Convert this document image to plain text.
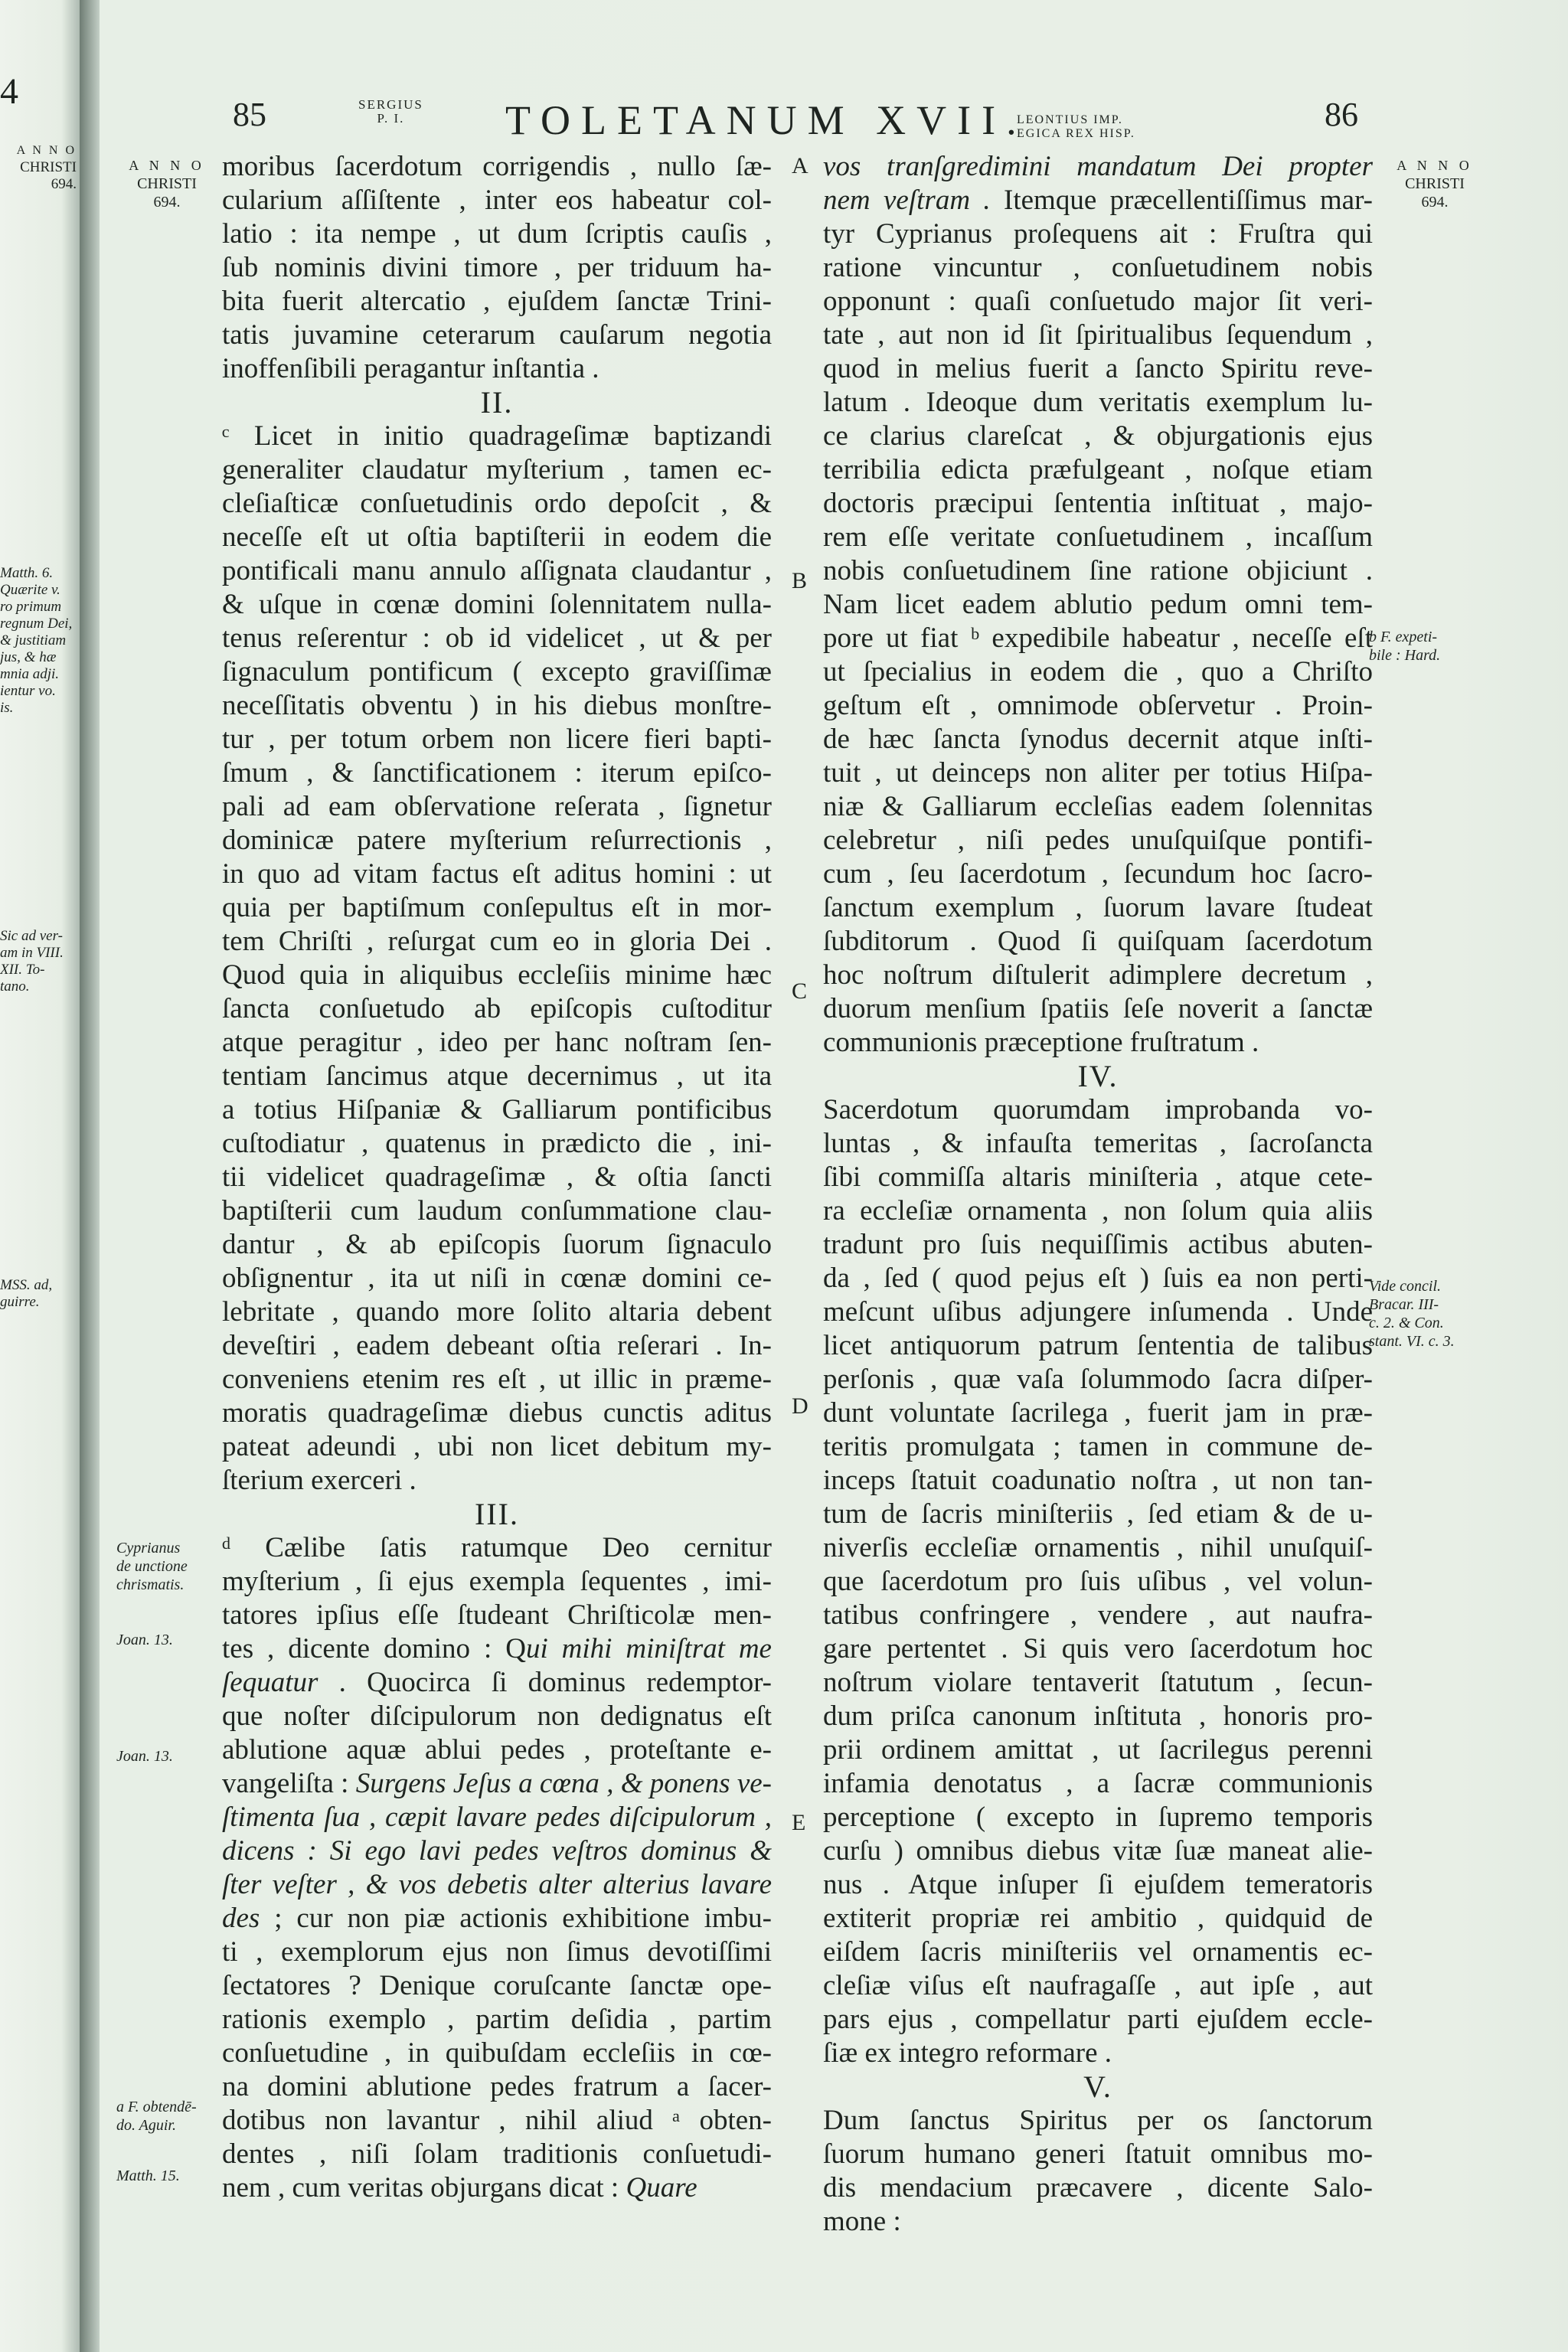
4
A N N O
CHRISTI
694.
Matth. 6.
Quærite v.
ro primum
regnum Dei,
& justitiam
jus, & hæ
mnia adji.
ientur vo.
is.
Sic ad ver-
am in VIII.
XII. To-
tano.
MSS. ad,
guirre.
85	SERGIUS
P. I.	TOLETANUM XVII.
LEONTIUS IMP.
EGICA REX HISP.
86
A N N O
CHRISTI
694.
Cyprianus
de unctione
chrismatis.
Joan. 13.
Joan. 13.
a F. obtendē-
do. Aguir.
Matth. 15.
A N N O
CHRISTI
694.
b F. expeti-
bile : Hard.
Vide concil.
Bracar. III-
c. 2. & Con.
stant. VI. c. 3.
A
B
C
D
E
moribus ſacerdotum corrigendis , nullo ſæ-
cularium aſſiſtente , inter eos habeatur col-
latio : ita nempe , ut dum ſcriptis cauſis ,
ſub nominis divini timore , per triduum ha-
bita fuerit altercatio , ejuſdem ſanctæ Trini-
tatis juvamine ceterarum cauſarum negotia
inoffenſibili peragantur inſtantia .
II.
ᶜ Licet in initio quadrageſimæ baptizandi
generaliter claudatur myſterium , tamen ec-
cleſiaſticæ conſuetudinis ordo depoſcit , &
neceſſe eſt ut oſtia baptiſterii in eodem die
pontificali manu annulo aſſignata claudantur ,
& uſque in cœnæ domini ſolennitatem nulla-
tenus reſerentur : ob id videlicet , ut & per
ſignaculum pontificum ( excepto graviſſimæ
neceſſitatis obventu ) in his diebus monſtre-
tur , per totum orbem non licere fieri bapti-
ſmum , & ſanctificationem : iterum epiſco-
pali ad eam obſervatione reſerata , ſignetur
dominicæ patere myſterium reſurrectionis ,
in quo ad vitam factus eſt aditus homini : ut
quia per baptiſmum conſepultus eſt in mor-
tem Chriſti , reſurgat cum eo in gloria Dei .
Quod quia in aliquibus eccleſiis minime hæc
ſancta conſuetudo ab epiſcopis cuſtoditur
atque peragitur , ideo per hanc noſtram ſen-
tentiam ſancimus atque decernimus , ut ita
a totius Hiſpaniæ & Galliarum pontificibus
cuſtodiatur , quatenus in prædicto die , ini-
tii videlicet quadrageſimæ , & oſtia ſancti
baptiſterii cum laudum conſummatione clau-
dantur , & ab epiſcopis ſuorum ſignaculo
obſignentur , ita ut niſi in cœnæ domini ce-
lebritate , quando more ſolito altaria debent
deveſtiri , eadem debeant oſtia reſerari . In-
conveniens etenim res eſt , ut illic in præme-
moratis quadrageſimæ diebus cunctis aditus
pateat adeundi , ubi non licet debitum my-
ſterium exerceri .
III.
ᵈ Cælibe ſatis ratumque Deo cernitur
myſterium , ſi ejus exempla ſequentes , imi-
tatores ipſius eſſe ſtudeant Chriſticolæ men-
tes , dicente domino : Qui mihi miniſtrat me
ſequatur . Quocirca ſi dominus redemptor-
que noſter diſcipulorum non dedignatus eſt
ablutione aquæ ablui pedes , proteſtante e-
vangeliſta : Surgens Jeſus a cœna , & ponens ve-
ſtimenta ſua , cæpit lavare pedes diſcipulorum ,
dicens : Si ego lavi pedes veſtros dominus &
ſter veſter , & vos debetis alter alterius lavare
des ; cur non piæ actionis exhibitione imbu-
ti , exemplorum ejus non ſimus devotiſſimi
ſectatores ? Denique coruſcante ſanctæ ope-
rationis exemplo , partim deſidia , partim
conſuetudine , in quibuſdam eccleſiis in cœ-
na domini ablutione pedes fratrum a ſacer-
dotibus non lavantur , nihil aliud ᵃ obten-
dentes , niſi ſolam traditionis conſuetudi-
nem , cum veritas objurgans dicat : Quare
vos tranſgredimini mandatum Dei propter
nem veſtram . Itemque præcellentiſſimus mar-
tyr Cyprianus proſequens ait : Fruſtra qui
ratione vincuntur , conſuetudinem nobis
opponunt : quaſi conſuetudo major ſit veri-
tate , aut non id ſit ſpiritualibus ſequendum ,
quod in melius fuerit a ſancto Spiritu reve-
latum . Ideoque dum veritatis exemplum lu-
ce clarius clareſcat , & objurgationis ejus
terribilia edicta præfulgeant , noſque etiam
doctoris præcipui ſententia inſtituat , majo-
rem eſſe veritate conſuetudinem , incaſſum
nobis conſuetudinem ſine ratione objiciunt .
Nam licet eadem ablutio pedum omni tem-
pore ut fiat ᵇ expedibile habeatur , neceſſe eſt
ut ſpecialius in eodem die , quo a Chriſto
geſtum eſt , omnimode obſervetur . Proin-
de hæc ſancta ſynodus decernit atque inſti-
tuit , ut deinceps non aliter per totius Hiſpa-
niæ & Galliarum eccleſias eadem ſolennitas
celebretur , niſi pedes unuſquiſque pontifi-
cum , ſeu ſacerdotum , ſecundum hoc ſacro-
ſanctum exemplum , ſuorum lavare ſtudeat
ſubditorum . Quod ſi quiſquam ſacerdotum
hoc noſtrum diſtulerit adimplere decretum ,
duorum menſium ſpatiis ſeſe noverit a ſanctæ
communionis præceptione fruſtratum .
IV.
Sacerdotum quorumdam improbanda vo-
luntas , & infauſta temeritas , ſacroſancta
ſibi commiſſa altaris miniſteria , atque cete-
ra eccleſiæ ornamenta , non ſolum quia aliis
tradunt pro ſuis nequiſſimis actibus abuten-
da , ſed ( quod pejus eſt ) ſuis ea non perti-
meſcunt uſibus adjungere inſumenda . Unde
licet antiquorum patrum ſententia de talibus
perſonis , quæ vaſa ſolummodo ſacra diſper-
dunt voluntate ſacrilega , fuerit jam in præ-
teritis promulgata ; tamen in commune de-
inceps ſtatuit coadunatio noſtra , ut non tan-
tum de ſacris miniſteriis , ſed etiam & de u-
niverſis eccleſiæ ornamentis , nihil unuſquiſ-
que ſacerdotum pro ſuis uſibus , vel volun-
tatibus confringere , vendere , aut naufra-
gare pertentet . Si quis vero ſacerdotum hoc
noſtrum violare tentaverit ſtatutum , ſecun-
dum priſca canonum inſtituta , honoris pro-
prii ordinem amittat , ut ſacrilegus perenni
infamia denotatus , a ſacræ communionis
perceptione ( excepto in ſupremo temporis
curſu ) omnibus diebus vitæ ſuæ maneat alie-
nus . Atque inſuper ſi ejuſdem temeratoris
extiterit propriæ rei ambitio , quidquid de
eiſdem ſacris miniſteriis vel ornamentis ec-
cleſiæ viſus eſt naufragaſſe , aut ipſe , aut
pars ejus , compellatur parti ejuſdem eccle-
ſiæ ex integro reformare .
V.
Dum ſanctus Spiritus per os ſanctorum
ſuorum humano generi ſtatuit omnibus mo-
dis mendacium præcavere , dicente Salo-
mone :
